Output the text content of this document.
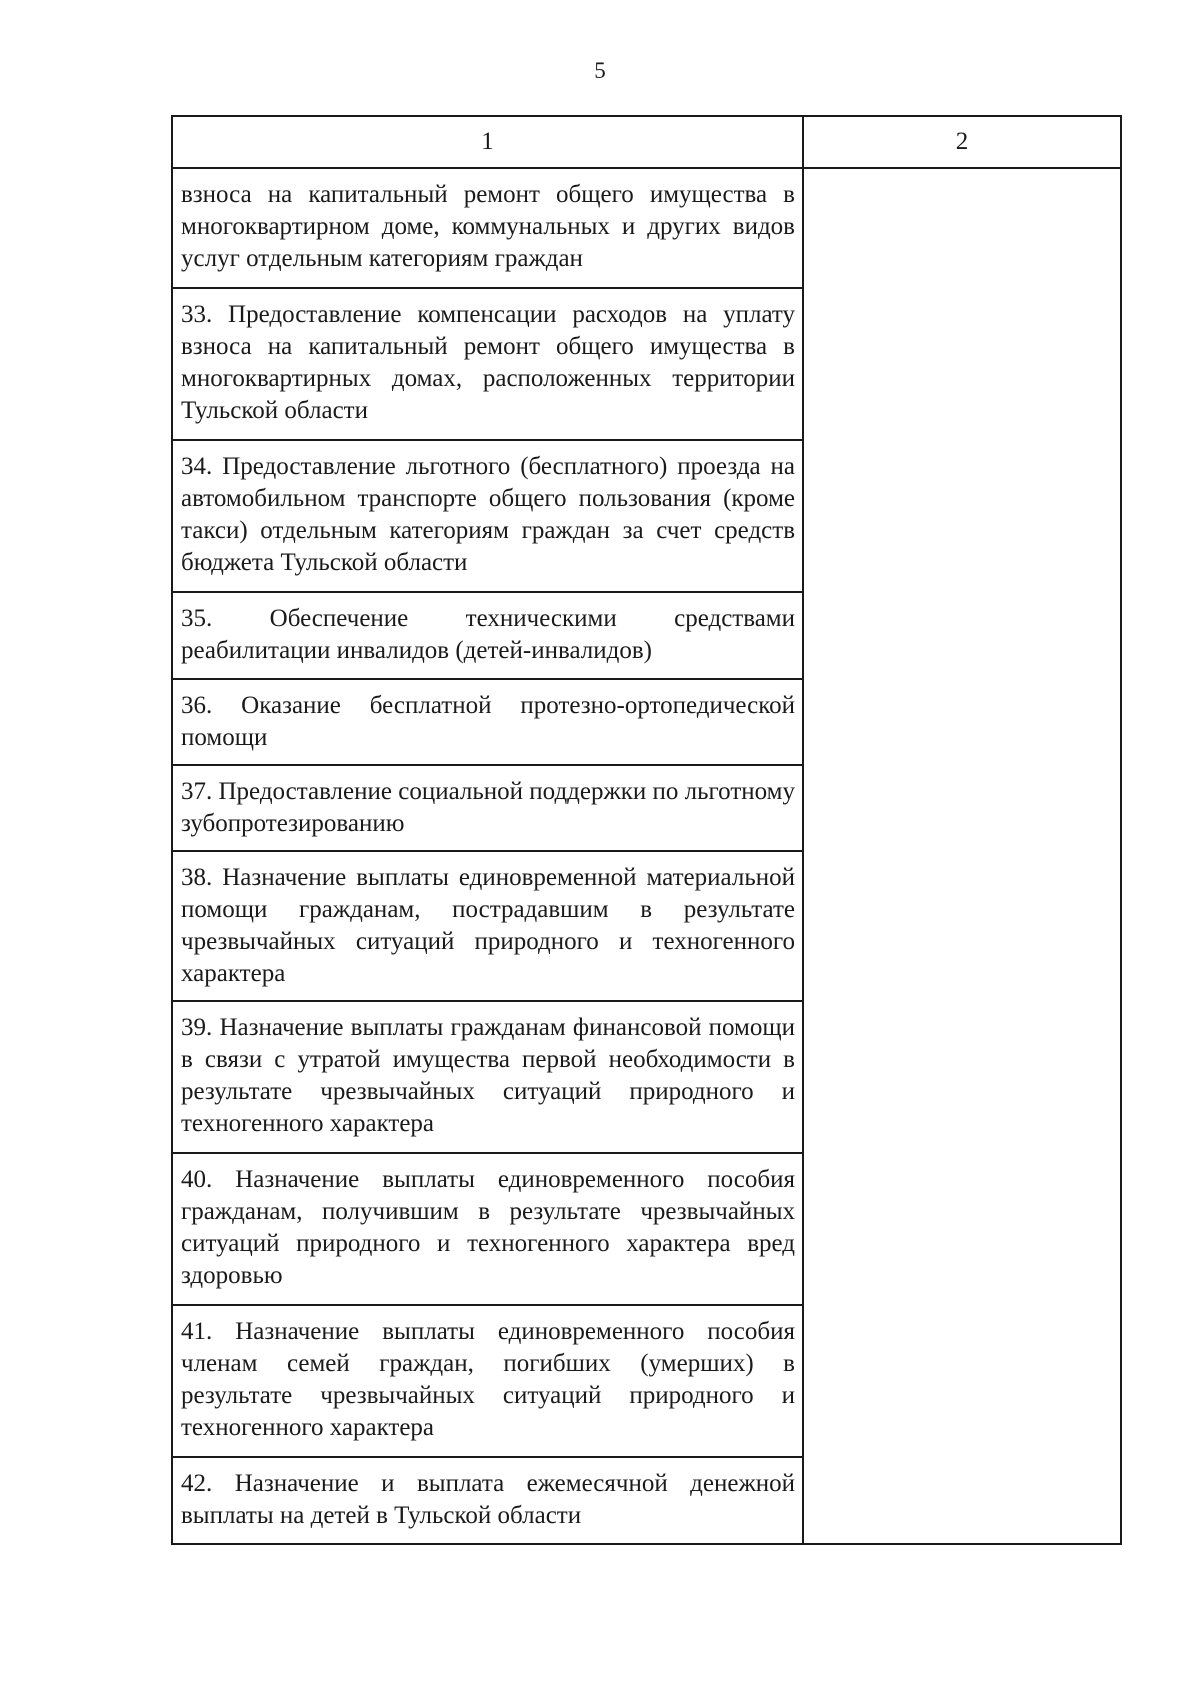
5
1	2
взноса на капитальный ремонт общего имущества в многоквартирном доме, коммунальных и других видов услуг отдельным категориям граждан	
33. Предоставление компенсации расходов на уплату взноса на капитальный ремонт общего имущества в многоквартирных домах, расположенных территории Тульской области	
34. Предоставление льготного (бесплатного) проезда на автомобильном транспорте общего пользования (кроме такси) отдельным категориям граждан за счет средств бюджета Тульской области	
35. Обеспечение техническими средствами реабилитации инвалидов (детей-инвалидов)	
36. Оказание бесплатной протезно-ортопедической помощи	
37. Предоставление социальной поддержки по льготному зубопротезированию	
38. Назначение выплаты единовременной материальной помощи гражданам, пострадавшим в результате чрезвычайных ситуаций природного и техногенного характера	
39. Назначение выплаты гражданам финансовой помощи в связи с утратой имущества первой необходимости в результате чрезвычайных ситуаций природного и техногенного характера	
40. Назначение выплаты единовременного пособия гражданам, получившим в результате чрезвычайных ситуаций природного и техногенного характера вред здоровью	
41. Назначение выплаты единовременного пособия членам семей граждан, погибших (умерших) в результате чрезвычайных ситуаций природного и техногенного характера	
42. Назначение и выплата ежемесячной денежной выплаты на детей в Тульской области	
